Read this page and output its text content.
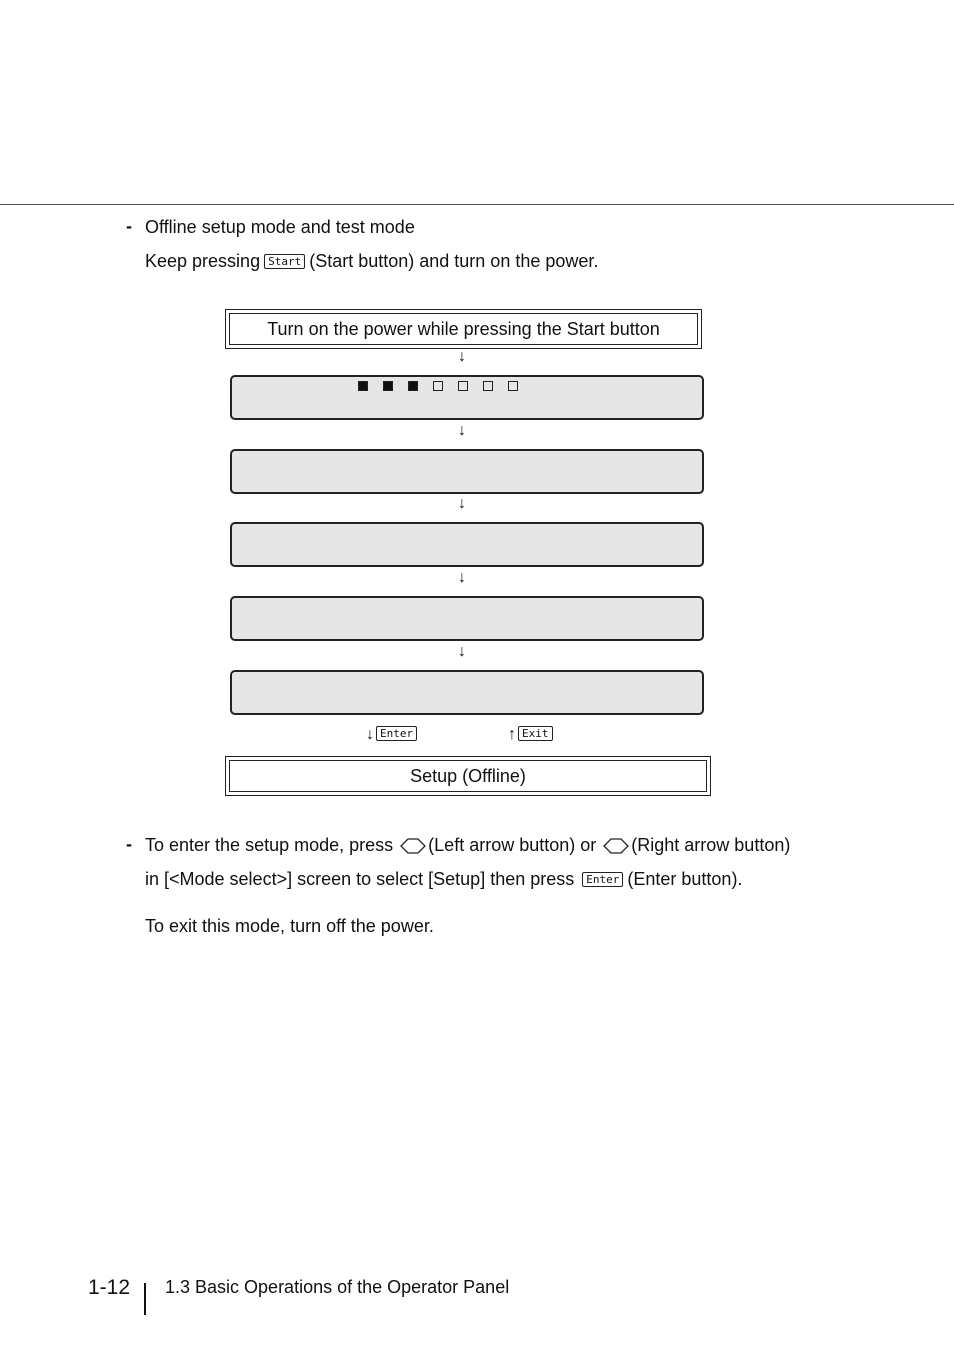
- Offline setup mode and test mode
Keep pressing Start (Start button) and turn on the power.
Turn on the power while pressing the Start button
↓
↓
↓
↓
↓
↓ Enter	↑ Exit
Setup (Offline)
- To enter the setup mode, press (Left arrow button) or (Right arrow button)
in [<Mode select>] screen to select [Setup] then press Enter (Enter button).
To exit this mode, turn off the power.
1-12 1.3 Basic Operations of the Operator Panel
